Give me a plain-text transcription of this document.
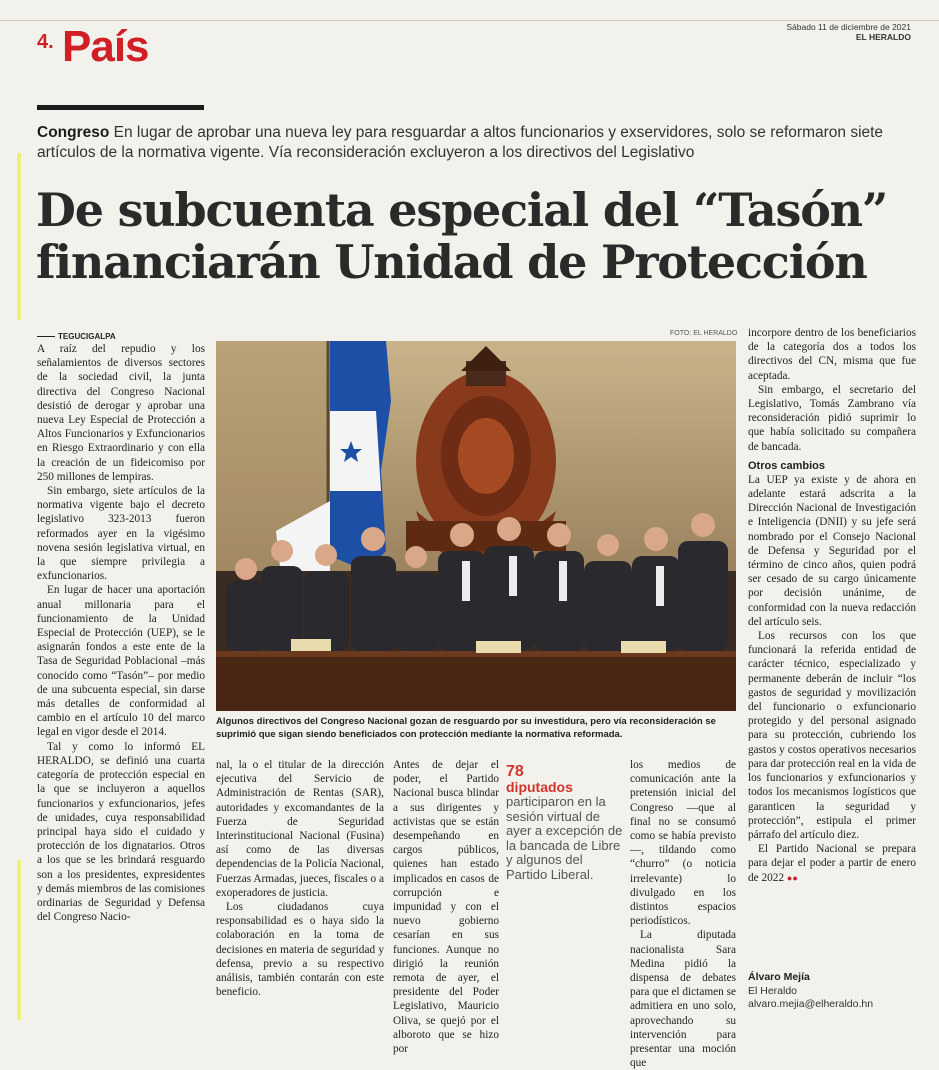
Sábado 11 de diciembre de 2021
EL HERALDO
4. País
Congreso En lugar de aprobar una nueva ley para resguardar a altos funcionarios y exservidores, solo se reformaron siete artículos de la normativa vigente. Vía reconsideración excluyeron a los directivos del Legislativo
De subcuenta especial del “Tasón” financiarán Unidad de Protección
TEGUCIGALPA

A raíz del repudio y los señalamientos de diversos sectores de la sociedad civil, la junta directiva del Congreso Nacional desistió de derogar y aprobar una nueva Ley Especial de Protección a Altos Funcionarios y Exfuncionarios en Riesgo Extraordinario y con ella la creación de un fideicomiso por 250 millones de lempiras.

Sin embargo, siete artículos de la normativa vigente bajo el decreto legislativo 323-2013 fueron reformados ayer en la vigésimo novena sesión legislativa virtual, en la que siempre privilegia a exfuncionarios.

En lugar de hacer una aportación anual millonaria para el funcionamiento de la Unidad Especial de Protección (UEP), se le asignarán fondos a este ente de la Tasa de Seguridad Poblacional –más conocido como “Tasón”– por medio de una subcuenta especial, sin darse más detalles de conformidad al cambio en el artículo 10 del marco legal en vigor desde el 2014.

Tal y como lo informó EL HERALDO, se definió una cuarta categoría de protección especial en la que se incluyeron a aquellos funcionarios y exfuncionarios, jefes de unidades, cuya responsabilidad principal haya sido el cuidado y protección de los dignatarios. Otros a los que se les brindará resguardo son a los presidentes, expresidentes y demás miembros de las comisiones ordinarias de Seguridad y Defensa del Congreso Nacio-

FOTO: EL HERALDO
Algunos directivos del Congreso Nacional gozan de resguardo por su investidura, pero vía reconsideración se suprimió que sigan siendo beneficiados con protección mediante la normativa reformada.

nal, la o el titular de la dirección ejecutiva del Servicio de Administración de Rentas (SAR), autoridades y excomandantes de la Fuerza de Seguridad Interinstitucional Nacional (Fusina) así como de las diversas dependencias de la Policía Nacional, Fuerzas Armadas, jueces, fiscales o a exoperadores de justicia.

Los ciudadanos cuya responsabilidad es o haya sido la colaboración en la toma de decisiones en materia de seguridad y defensa, previo a su respectivo análisis, también contarán con este beneficio.

Antes de dejar el poder, el Partido Nacional busca blindar a sus dirigentes y activistas que se están desempeñando en cargos públicos, quienes han estado implicados en casos de corrupción e impunidad y con el nuevo gobierno cesarían en sus funciones. Aunque no dirigió la reunión remota de ayer, el presidente del Poder Legislativo, Mauricio Oliva, se quejó por el alboroto que se hizo por

78
diputados
participaron en la sesión virtual de ayer a excepción de la bancada de Libre y algunos del Partido Liberal.

los medios de comunicación ante la pretensión inicial del Congreso —que al final no se consumó como se había previsto—, tildando como “churro” (o noticia irrelevante) lo divulgado en los distintos espacios periodísticos.

La diputada nacionalista Sara Medina pidió la dispensa de debates para que el dictamen se admitiera en uno solo, aprovechando su intervención para presentar una moción que

incorpore dentro de los beneficiarios de la categoría dos a todos los directivos del CN, misma que fue aceptada.

Sin embargo, el secretario del Legislativo, Tomás Zambrano vía reconsideración pidió suprimir lo que había solicitado su compañera de bancada.

Otros cambios

La UEP ya existe y de ahora en adelante estará adscrita a la Dirección Nacional de Investigación e Inteligencia (DNII) y su jefe será nombrado por el Consejo Nacional de Defensa y Seguridad por el término de cinco años, quien podrá ser cesado de su cargo únicamente por decisión unánime, de conformidad con la nueva redacción del artículo seis.

Los recursos con los que funcionará la referida entidad de carácter técnico, especializado y permanente deberán de incluir “los gastos de seguridad y movilización del funcionario o exfuncionario protegido y del personal asignado para su protección, cubriendo los gastos y costos operativos necesarios para dar protección real en la vida de los funcionarios y exfuncionarios y todos los mecanismos logísticos que garanticen la seguridad y protección”, estipula el primer párrafo del artículo diez.

El Partido Nacional se prepara para dejar el poder a partir de enero de 2022 ●●

Álvaro Mejía
El Heraldo
alvaro.mejia@elheraldo.hn
